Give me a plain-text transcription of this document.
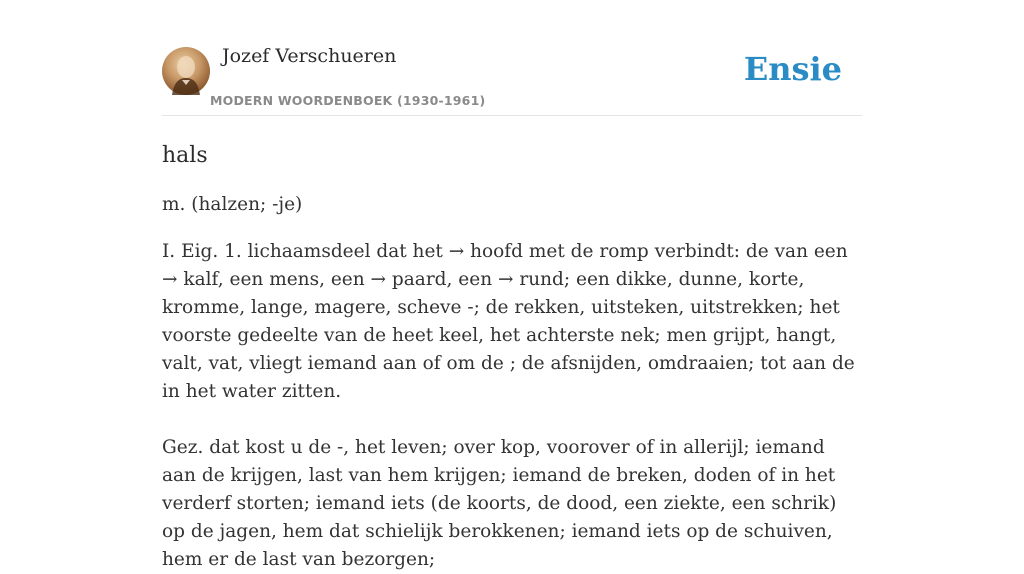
Jozef Verschueren
MODERN WOORDENBOEK (1930-1961)
Ensie
hals

m. (halzen; -je)

I. Eig. 1. lichaamsdeel dat het → hoofd met de romp verbindt: de van een → kalf, een mens, een → paard, een → rund; een dikke, dunne, korte, kromme, lange, magere, scheve -; de rekken, uitsteken, uitstrekken; het voorste gedeelte van de heet keel, het achterste nek; men grijpt, hangt, valt, vat, vliegt iemand aan of om de ; de afsnijden, omdraaien; tot aan de in het water zitten.

Gez. dat kost u de -, het leven; over kop, voorover of in allerijl; iemand aan de krijgen, last van hem krijgen; iemand de breken, doden of in het verderf storten; iemand iets (de koorts, de dood, een ziekte, een schrik) op de jagen, hem dat schielijk berokkenen; iemand iets op de schuiven, hem er de last van bezorgen;
